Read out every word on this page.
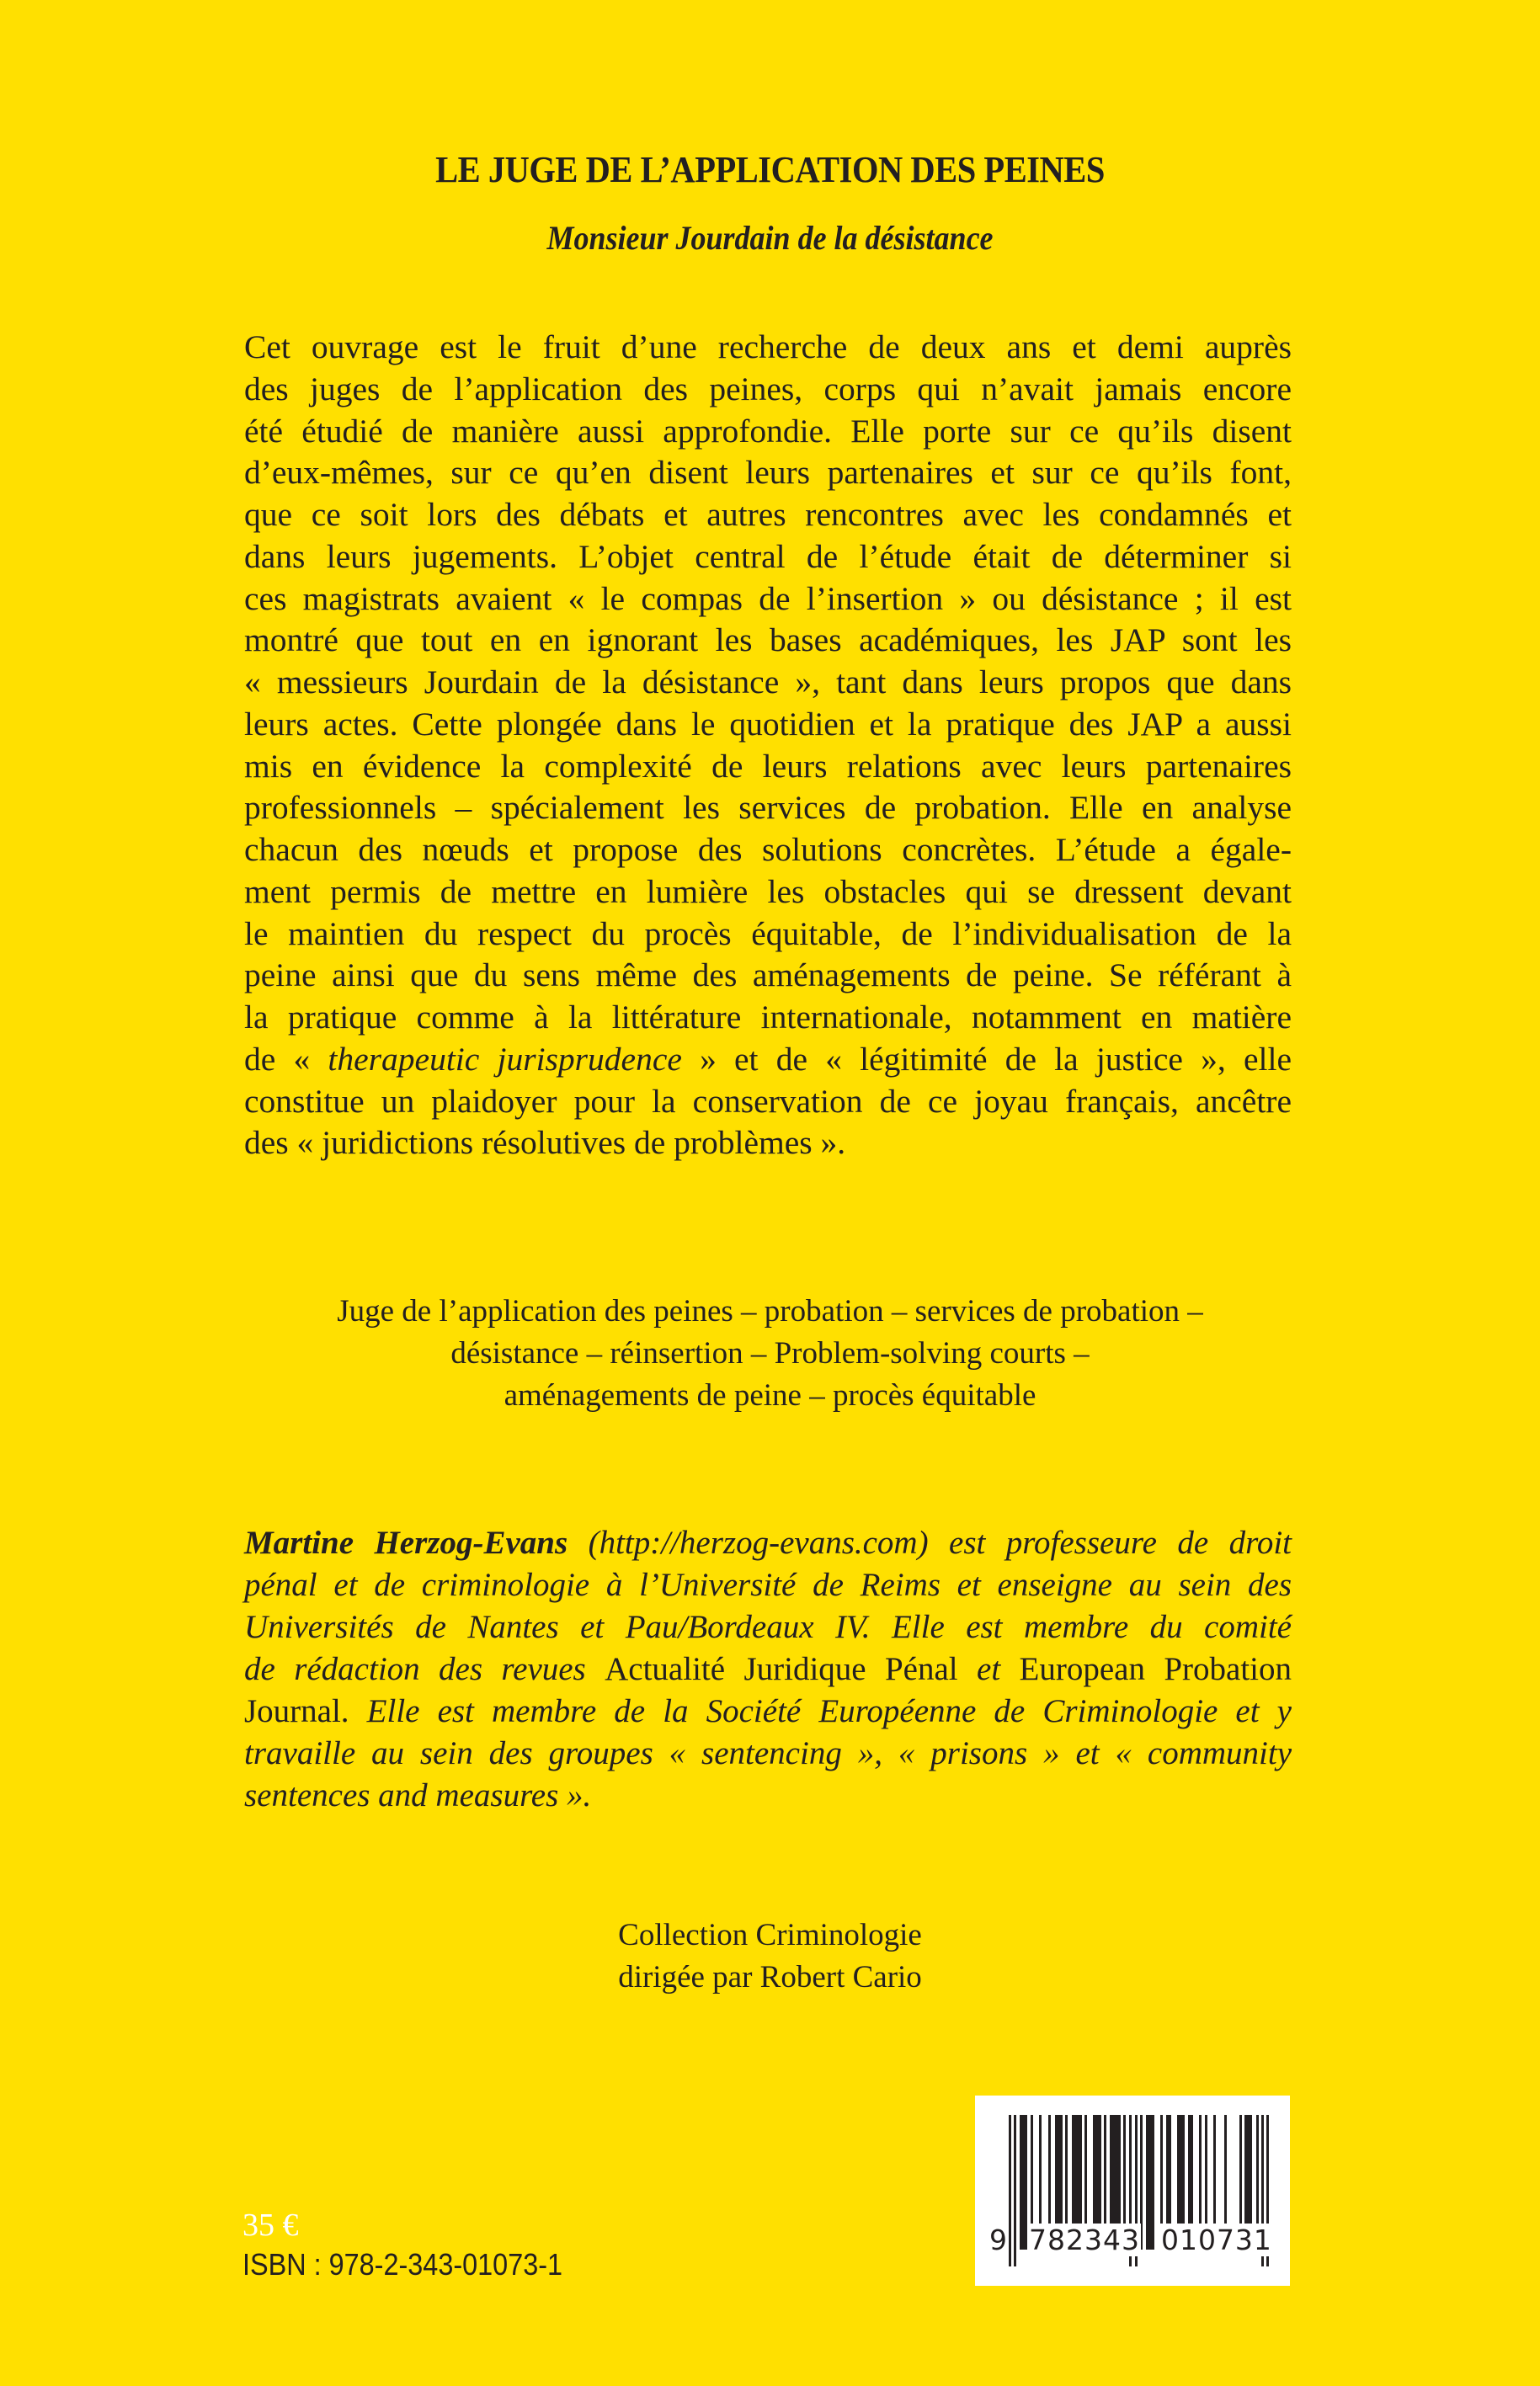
LE JUGE DE L’APPLICATION DES PEINES
Monsieur Jourdain de la désistance
Cet ouvrage est le fruit d’une recherche de deux ans et demi auprès
des juges de l’application des peines, corps qui n’avait jamais encore
été étudié de manière aussi approfondie. Elle porte sur ce qu’ils disent
d’eux-mêmes, sur ce qu’en disent leurs partenaires et sur ce qu’ils font,
que ce soit lors des débats et autres rencontres avec les condamnés et
dans leurs jugements. L’objet central de l’étude était de déterminer si
ces magistrats avaient « le compas de l’insertion » ou désistance ; il est
montré que tout en en ignorant les bases académiques, les JAP sont les
« messieurs Jourdain de la désistance », tant dans leurs propos que dans
leurs actes. Cette plongée dans le quotidien et la pratique des JAP a aussi
mis en évidence la complexité de leurs relations avec leurs partenaires
professionnels – spécialement les services de probation. Elle en analyse
chacun des nœuds et propose des solutions concrètes. L’étude a égale-
ment permis de mettre en lumière les obstacles qui se dressent devant
le maintien du respect du procès équitable, de l’individualisation de la
peine ainsi que du sens même des aménagements de peine. Se référant à
la pratique comme à la littérature internationale, notamment en matière
de « therapeutic jurisprudence » et de « légitimité de la justice », elle
constitue un plaidoyer pour la conservation de ce joyau français, ancêtre
des « juridictions résolutives de problèmes ».
Juge de l’application des peines – probation – services de probation –
désistance – réinsertion – Problem-solving courts –
aménagements de peine – procès équitable
Martine Herzog-Evans (http://herzog-evans.com) est professeure de droit
pénal et de criminologie à l’Université de Reims et enseigne au sein des
Universités de Nantes et Pau/Bordeaux IV. Elle est membre du comité
de rédaction des revues Actualité Juridique Pénal et European Probation
Journal. Elle est membre de la Société Européenne de Criminologie et y
travaille au sein des groupes « sentencing », « prisons » et « community
sentences and measures ».
Collection Criminologie
dirigée par Robert Cario
9 782343 010731
35 €
ISBN : 978-2-343-01073-1
